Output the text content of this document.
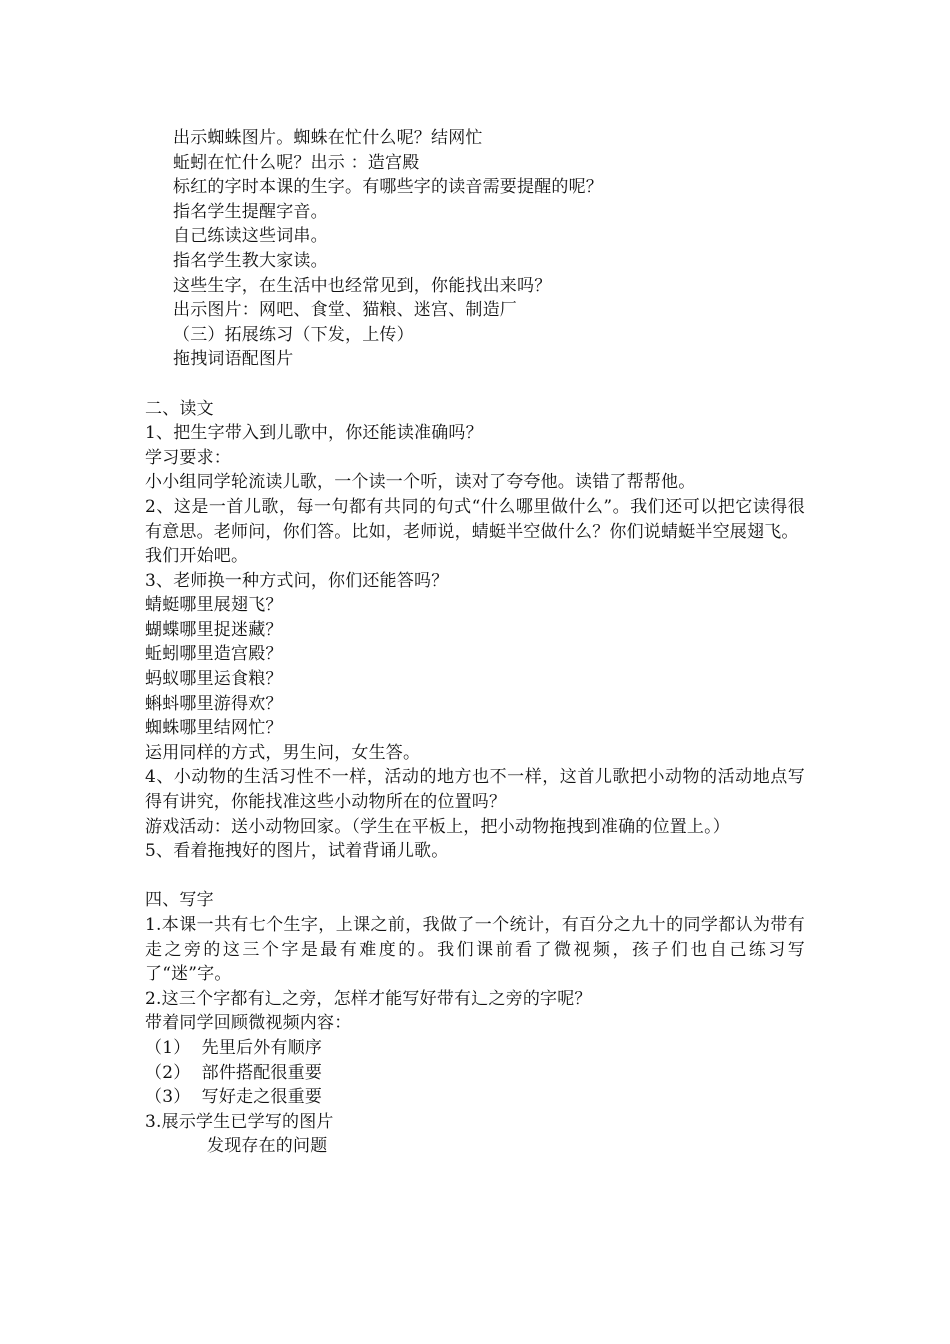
出示蜘蛛图片。蜘蛛在忙什么呢？结网忙
蚯蚓在忙什么呢？出示 ：造宫殿
标红的字时本课的生字。有哪些字的读音需要提醒的呢？
指名学生提醒字音。
自己练读这些词串。
指名学生教大家读。
这些生字，在生活中也经常见到，你能找出来吗？
出示图片：网吧、食堂、猫粮、迷宫、制造厂
（三）拓展练习（下发，上传）
拖拽词语配图片
二、读文
1、把生字带入到儿歌中，你还能读准确吗？
学习要求：
小小组同学轮流读儿歌，一个读一个听，读对了夸夸他。读错了帮帮他。
2、这是一首儿歌，每一句都有共同的句式“什么哪里做什么”。我们还可以把它读得很有意思。老师问，你们答。比如，老师说，蜻蜓半空做什么？你们说蜻蜓半空展翅飞。
我们开始吧。
3、老师换一种方式问，你们还能答吗？
蜻蜓哪里展翅飞？
蝴蝶哪里捉迷藏？
蚯蚓哪里造宫殿？
蚂蚁哪里运食粮？
蝌蚪哪里游得欢？
蜘蛛哪里结网忙？
运用同样的方式，男生问，女生答。
4、小动物的生活习性不一样，活动的地方也不一样，这首儿歌把小动物的活动地点写得有讲究，你能找准这些小动物所在的位置吗？
游戏活动：送小动物回家。（学生在平板上，把小动物拖拽到准确的位置上。）
5、看着拖拽好的图片，试着背诵儿歌。
四、写字
1.本课一共有七个生字，上课之前，我做了一个统计，有百分之九十的同学都认为带有走之旁的这三个字是最有难度的。我们课前看了微视频，孩子们也自己练习写了“迷”字。
2.这三个字都有⻌之旁，怎样才能写好带有⻌之旁的字呢？
带着同学回顾微视频内容：
（1）  先里后外有顺序
（2）  部件搭配很重要
（3）  写好走之很重要
3.展示学生已学写的图片
发现存在的问题
